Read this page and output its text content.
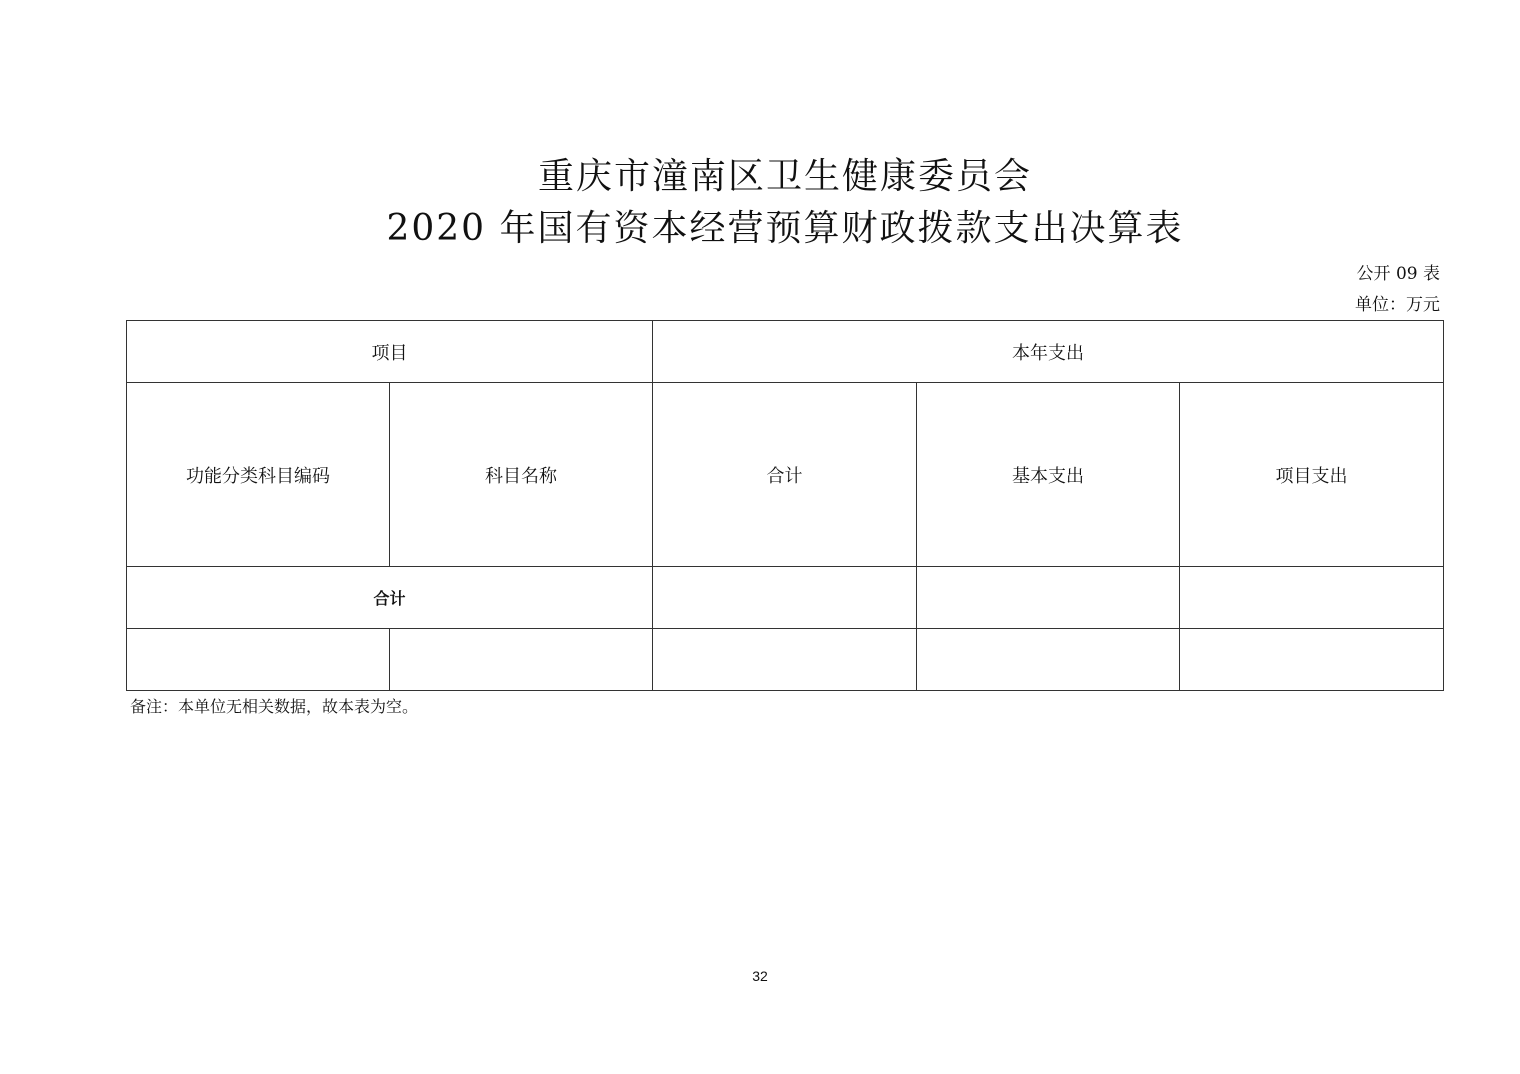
重庆市潼南区卫生健康委员会
2020 年国有资本经营预算财政拨款支出决算表
公开 09 表
单位：万元
项目		本年支出		
功能分类科目编码	科目名称	合计	基本支出	项目支出
合计				

备注：本单位无相关数据，故本表为空。
32
